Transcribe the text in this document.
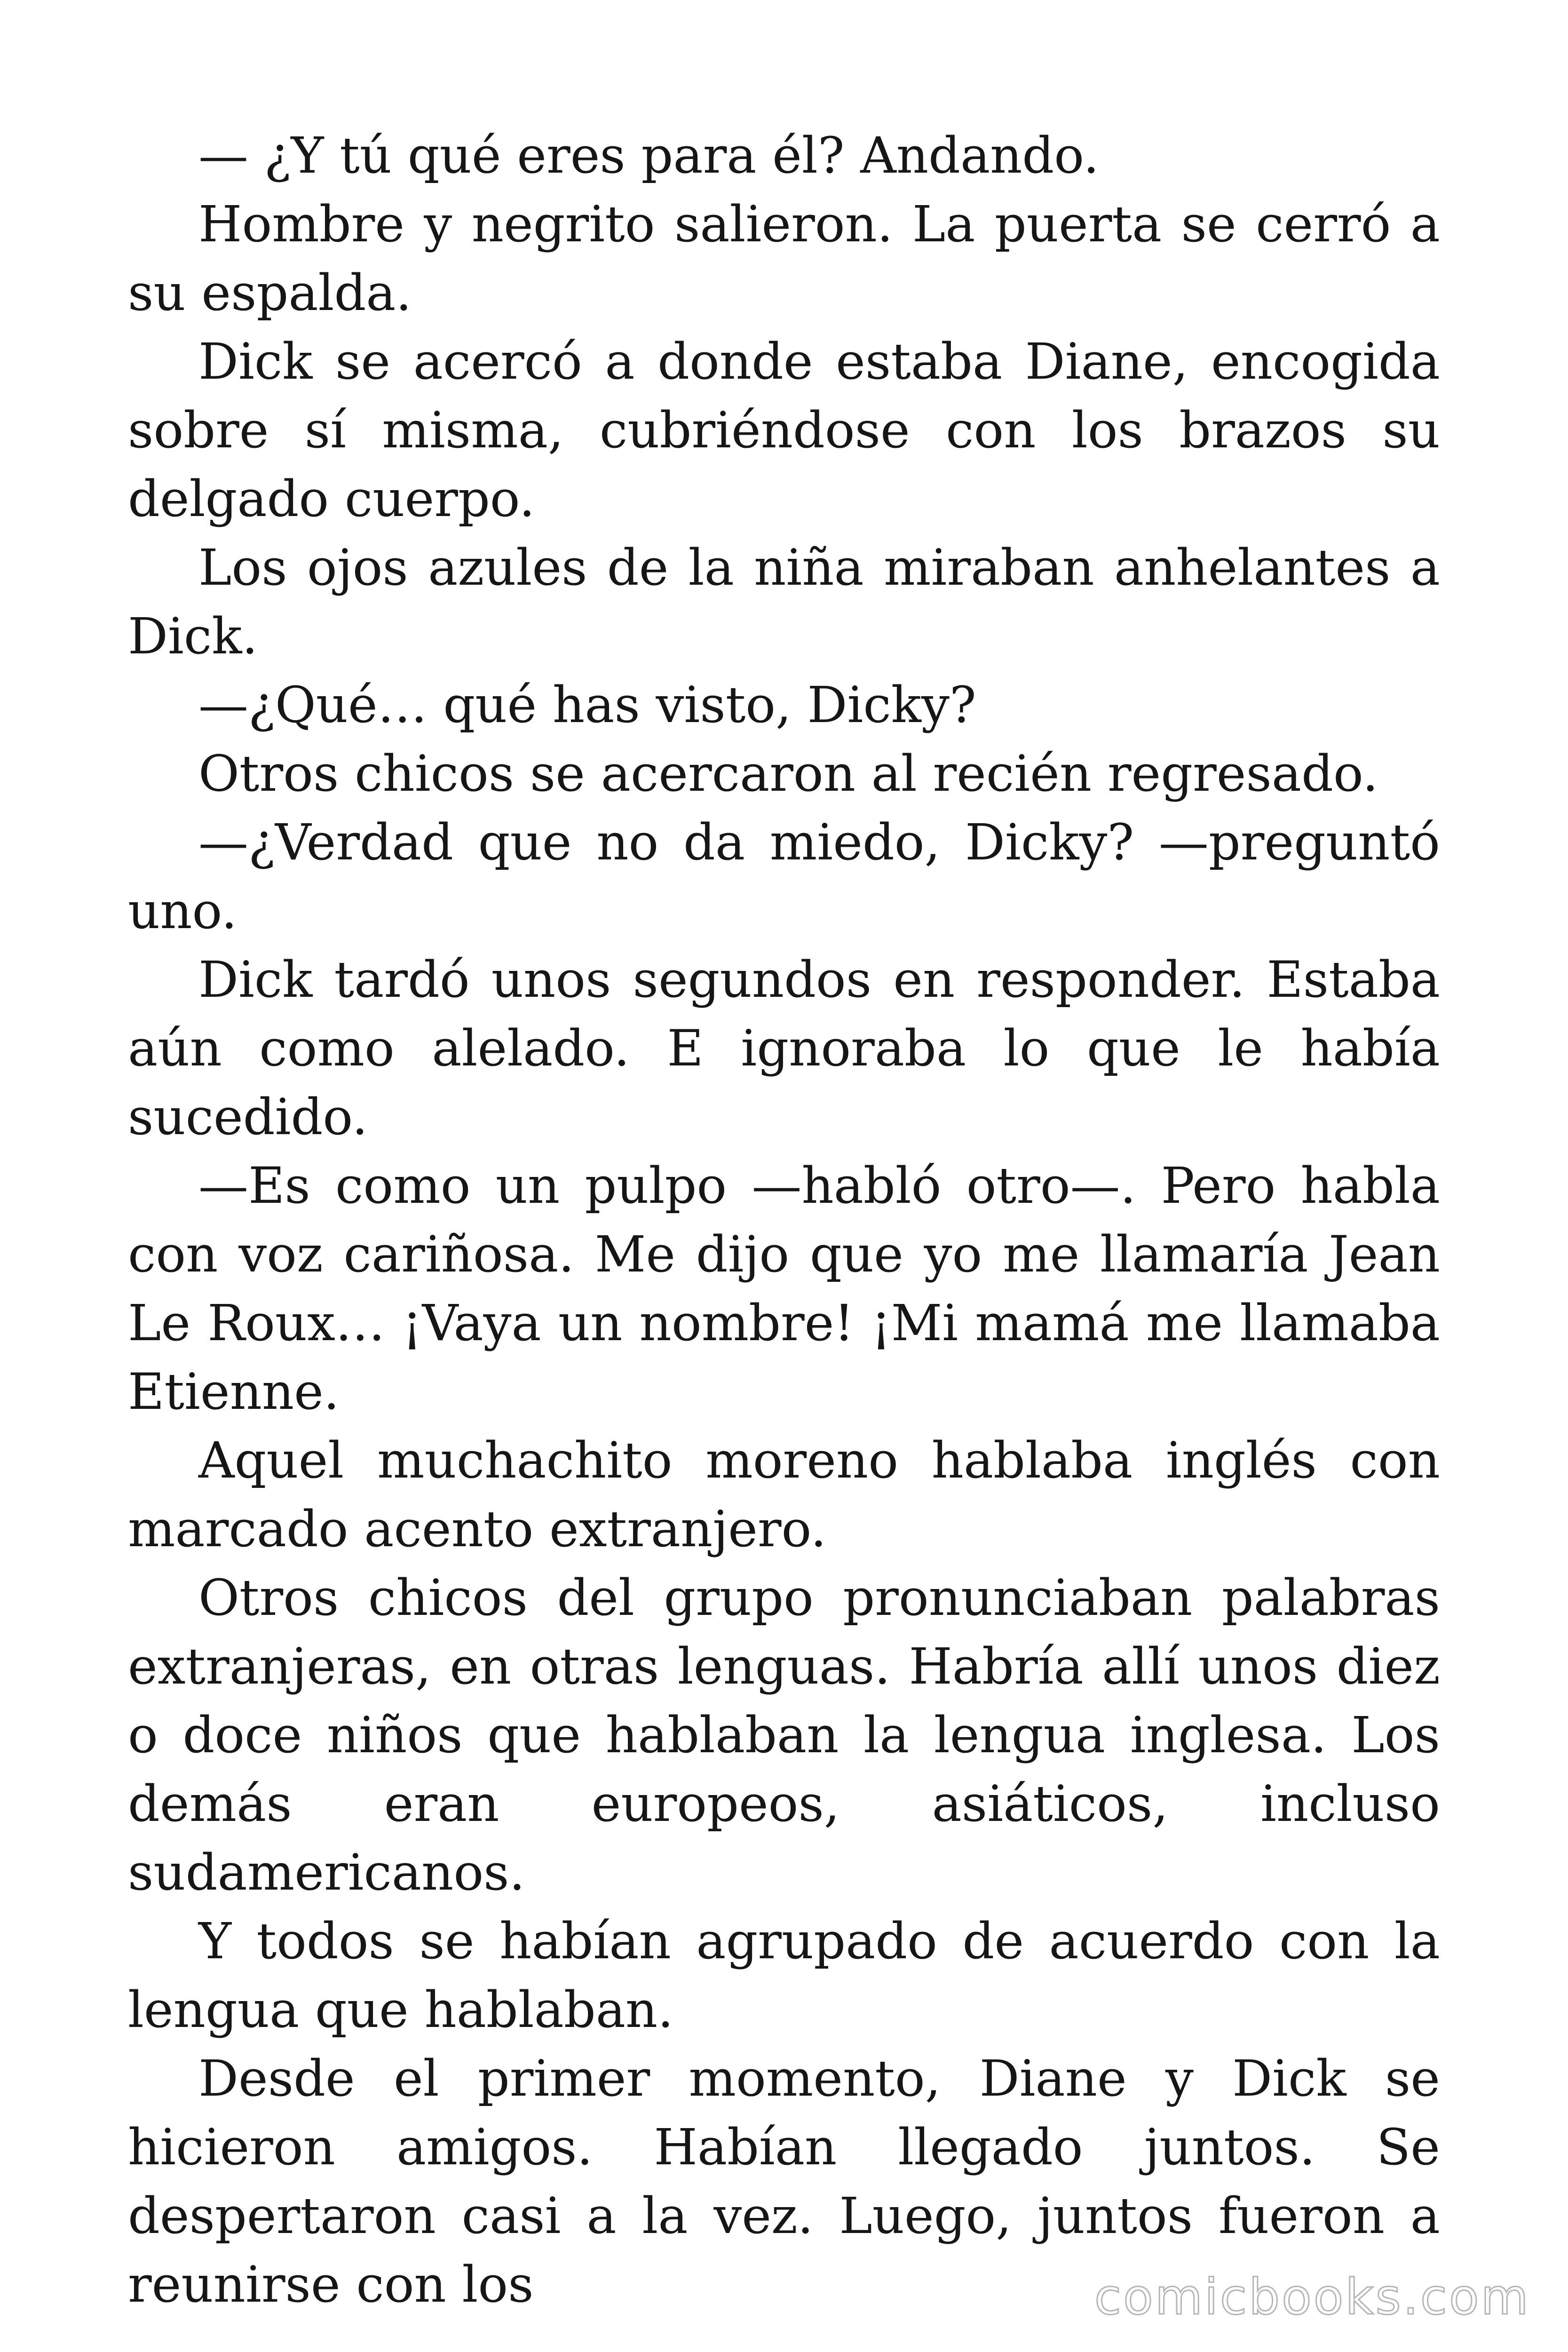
— ¿Y tú qué eres para él? Andando.

Hombre y negrito salieron. La puerta se cerró a su espalda.

Dick se acercó a donde estaba Diane, encogida sobre sí misma, cubriéndose con los brazos su delgado cuerpo.

Los ojos azules de la niña miraban anhelantes a Dick.

—¿Qué… qué has visto, Dicky?

Otros chicos se acercaron al recién regresado.

—¿Verdad que no da miedo, Dicky? —preguntó uno.

Dick tardó unos segundos en responder. Estaba aún como alelado. E ignoraba lo que le había sucedido.

—Es como un pulpo —habló otro—. Pero habla con voz cariñosa. Me dijo que yo me llamaría Jean Le Roux… ¡Vaya un nombre! ¡Mi mamá me llamaba Etienne.

Aquel muchachito moreno hablaba inglés con marcado acento extranjero.

Otros chicos del grupo pronunciaban palabras extranjeras, en otras lenguas. Habría allí unos diez o doce niños que hablaban la lengua inglesa. Los demás eran europeos, asiáticos, incluso sudamericanos.

Y todos se habían agrupado de acuerdo con la lengua que hablaban.

Desde el primer momento, Diane y Dick se hicieron amigos. Habían llegado juntos. Se despertaron casi a la vez. Luego, juntos fueron a reunirse con los	comicbooks.com
